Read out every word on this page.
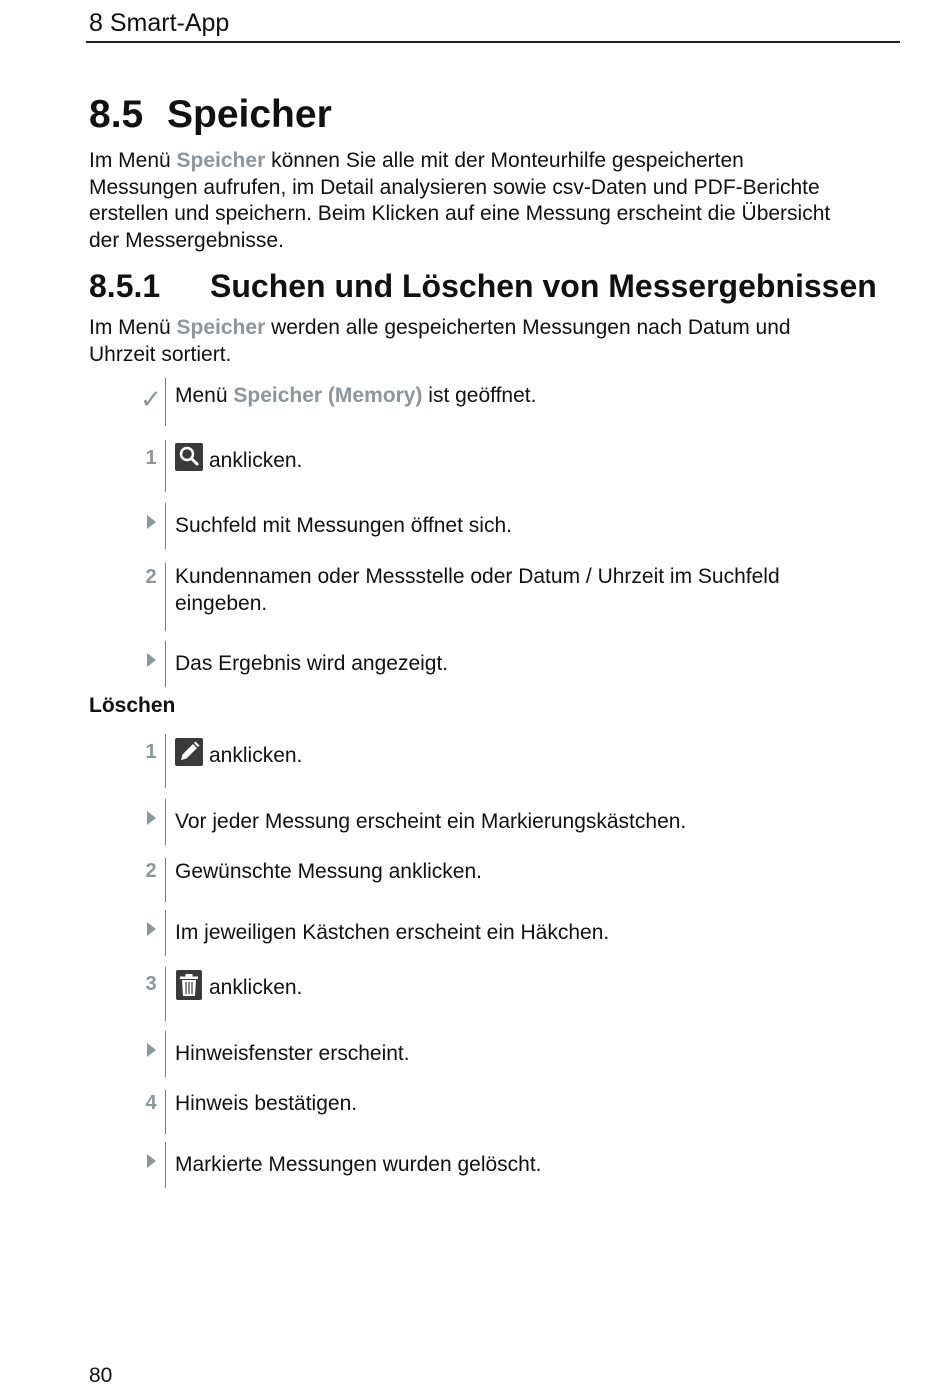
8 Smart-App
8.5 Speicher
Im Menü Speicher können Sie alle mit der Monteurhilfe gespeicherten
Messungen aufrufen, im Detail analysieren sowie csv-Daten und PDF-Berichte
erstellen und speichern. Beim Klicken auf eine Messung erscheint die Übersicht
der Messergebnisse.
8.5.1 Suchen und Löschen von Messergebnissen
Im Menü Speicher werden alle gespeicherten Messungen nach Datum und
Uhrzeit sortiert.
✓ Menü Speicher (Memory) ist geöffnet.
1	anklicken.
Suchfeld mit Messungen öffnet sich.
2 Kundennamen oder Messstelle oder Datum / Uhrzeit im Suchfeld
eingeben.
Das Ergebnis wird angezeigt.
Löschen
1	anklicken.
Vor jeder Messung erscheint ein Markierungskästchen.
2 Gewünschte Messung anklicken.
Im jeweiligen Kästchen erscheint ein Häkchen.
3	anklicken.
Hinweisfenster erscheint.
4 Hinweis bestätigen.
Markierte Messungen wurden gelöscht.
80
